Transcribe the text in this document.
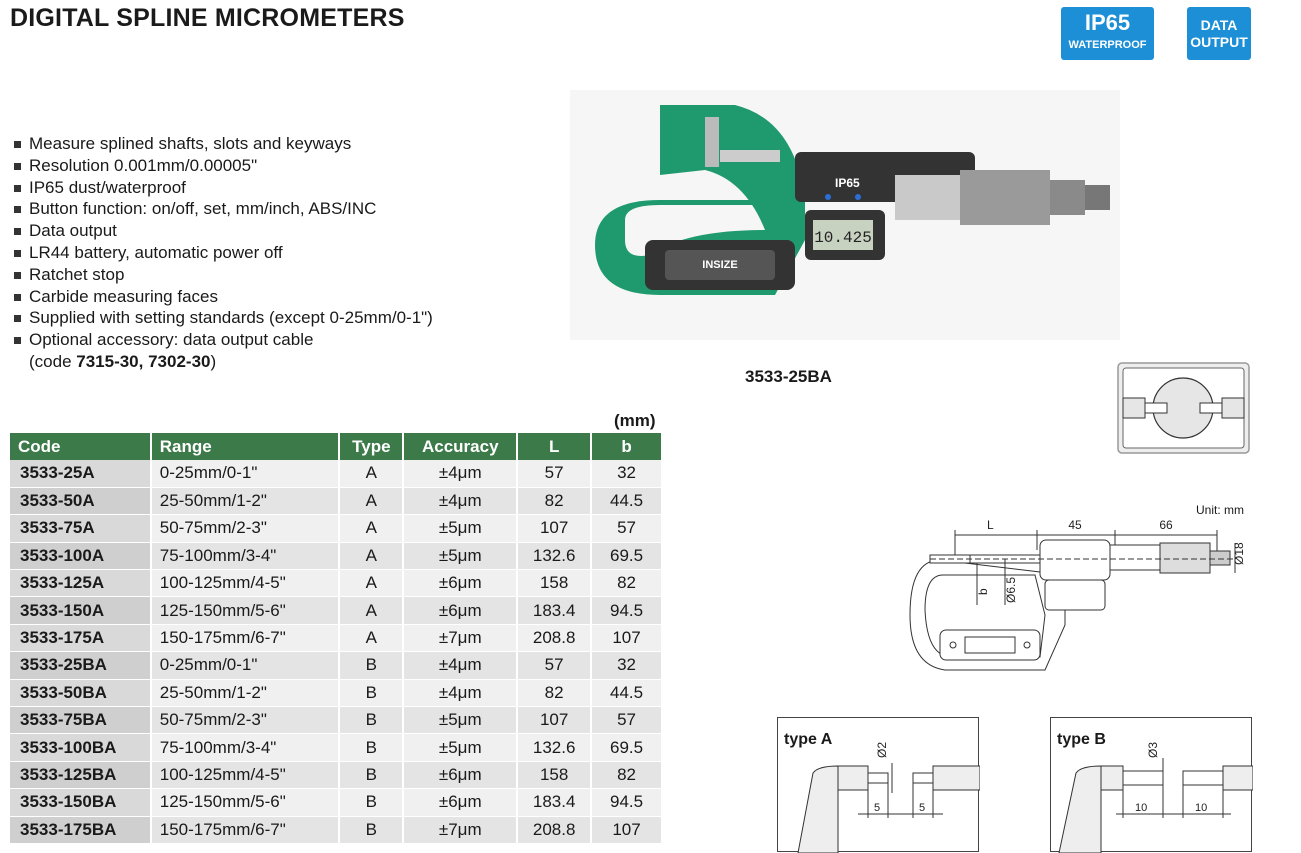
DIGITAL SPLINE MICROMETERS	IP65
WATERPROOF
DATA
OUTPUT
Measure splined shafts, slots and keyways
Resolution 0.001mm/0.00005"
IP65 dust/waterproof
Button function: on/off, set, mm/inch, ABS/INC
Data output
LR44 battery, automatic power off
Ratchet stop
Carbide measuring faces
Supplied with setting standards (except 0-25mm/0-1")
Optional accessory: data output cable
(code 7315-30, 7302-30)
INSIZE
10.425
IP65
3533-25BA
(mm)
Code	Range	Type	Accuracy	L	b
3533-25A	0-25mm/0-1"	A	±4μm	57	32
3533-50A	25-50mm/1-2"	A	±4μm	82	44.5
3533-75A	50-75mm/2-3"	A	±5μm	107	57
3533-100A	75-100mm/3-4"	A	±5μm	132.6	69.5
3533-125A	100-125mm/4-5"	A	±6μm	158	82
3533-150A	125-150mm/5-6"	A	±6μm	183.4	94.5
3533-175A	150-175mm/6-7"	A	±7μm	208.8	107
3533-25BA	0-25mm/0-1"	B	±4μm	57	32
3533-50BA	25-50mm/1-2"	B	±4μm	82	44.5
3533-75BA	50-75mm/2-3"	B	±5μm	107	57
3533-100BA	75-100mm/3-4"	B	±5μm	132.6	69.5
3533-125BA	100-125mm/4-5"	B	±6μm	158	82
3533-150BA	125-150mm/5-6"	B	±6μm	183.4	94.5
3533-175BA	150-175mm/6-7"	B	±7μm	208.8	107
Unit: mm
L	45	66
Ø18
Ø6.5
b
type A
Ø2
5	5
type B
Ø3
10	10
